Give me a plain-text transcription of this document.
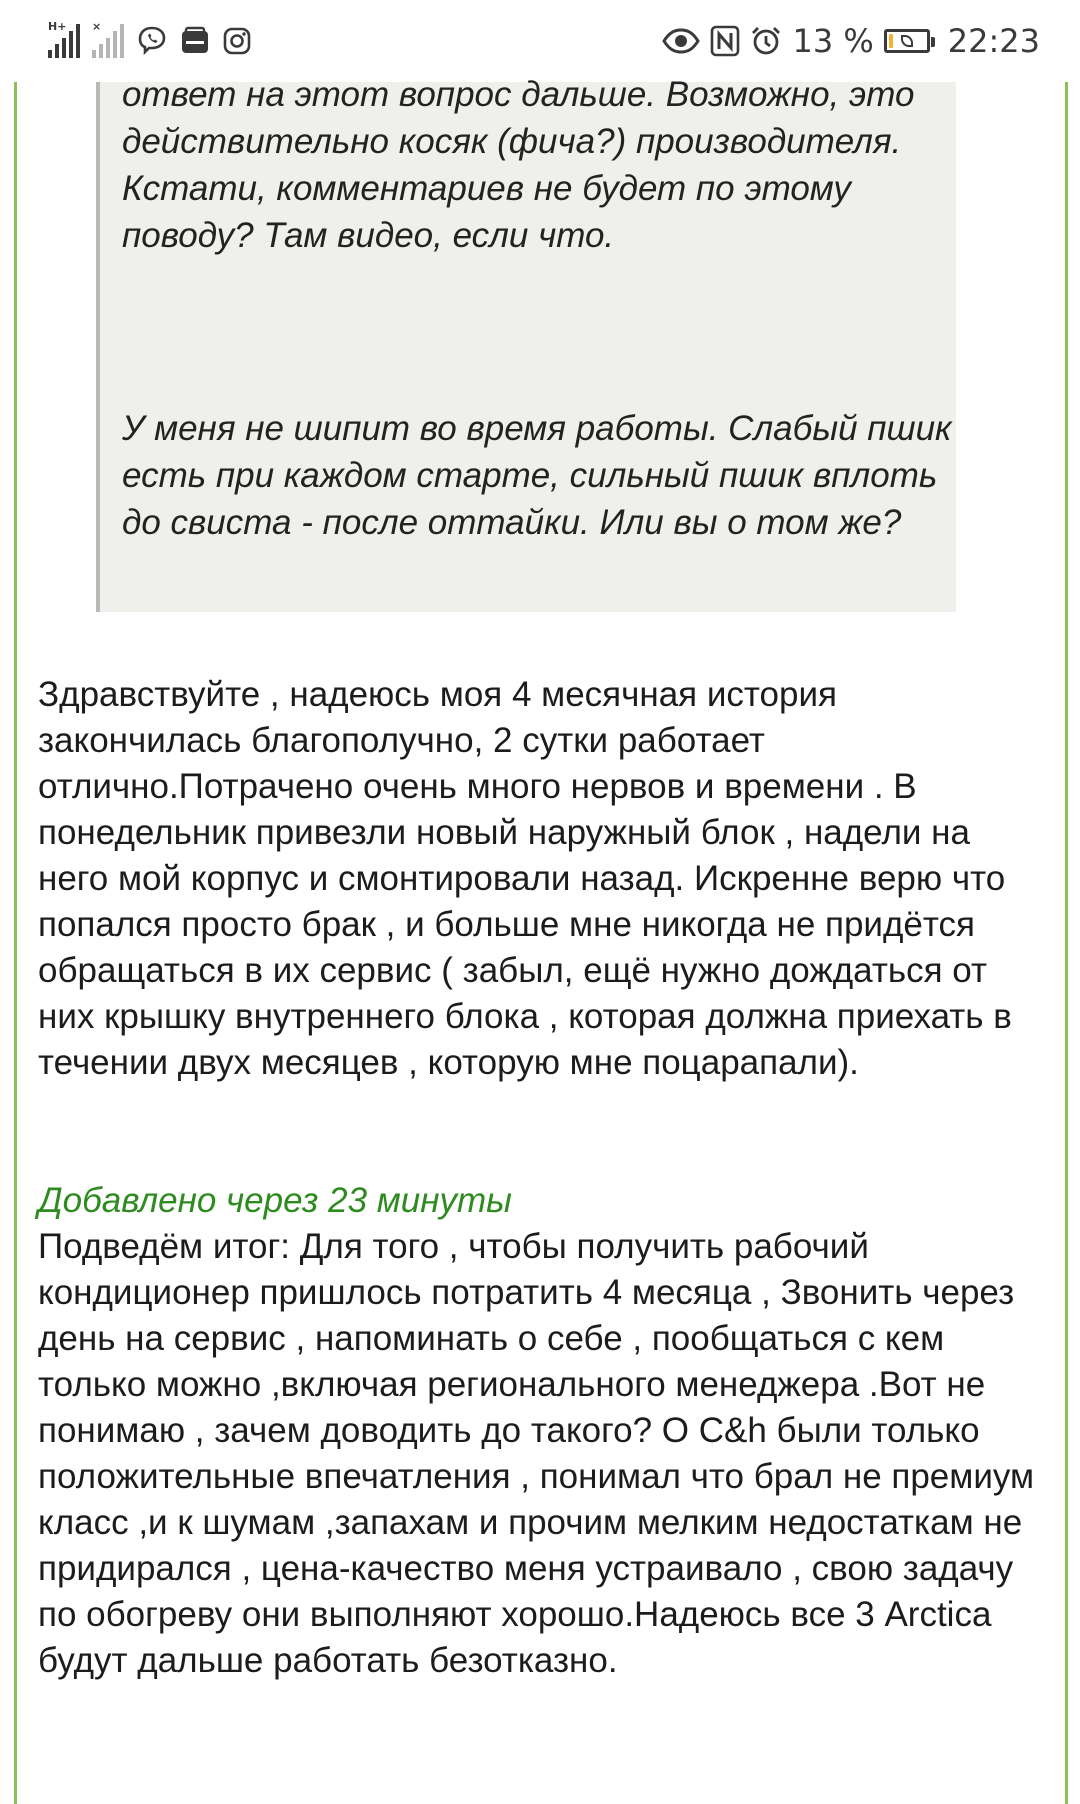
H+ ×	13 % 22:23

ответ на этот вопрос дальше. Возможно, это действительно косяк (фича?) производителя. Кстати, комментариев не будет по этому поводу? Там видео, если что.

У меня не шипит во время работы. Слабый пшик есть при каждом старте, сильный пшик вплоть до свиста - после оттайки. Или вы о том же?

Здравствуйте , надеюсь моя 4 месячная история закончилась благополучно, 2 сутки работает отлично.Потрачено очень много нервов и времени . В понедельник привезли новый наружный блок , надели на него мой корпус и смонтировали назад. Искренне верю что попался просто брак , и больше мне никогда не придётся обращаться в их сервис ( забыл, ещё нужно дождаться от них крышку внутреннего блока , которая должна приехать в течении двух месяцев , которую мне поцарапали).

Добавлено через 23 минуты

Подведём итог: Для того , чтобы получить рабочий кондиционер пришлось потратить 4 месяца , Звонить через день на сервис , напоминать о себе , пообщаться с кем только можно ,включая регионального менеджера .Вот не понимаю , зачем доводить до такого? О C&h были только положительные впечатления , понимал что брал не премиум класс ,и к шумам ,запахам и прочим мелким недостаткам не придирался , цена-качество меня устраивало , свою задачу по обогреву они выполняют хорошо.Надеюсь все 3 Arctica будут дальше работать безотказно.
